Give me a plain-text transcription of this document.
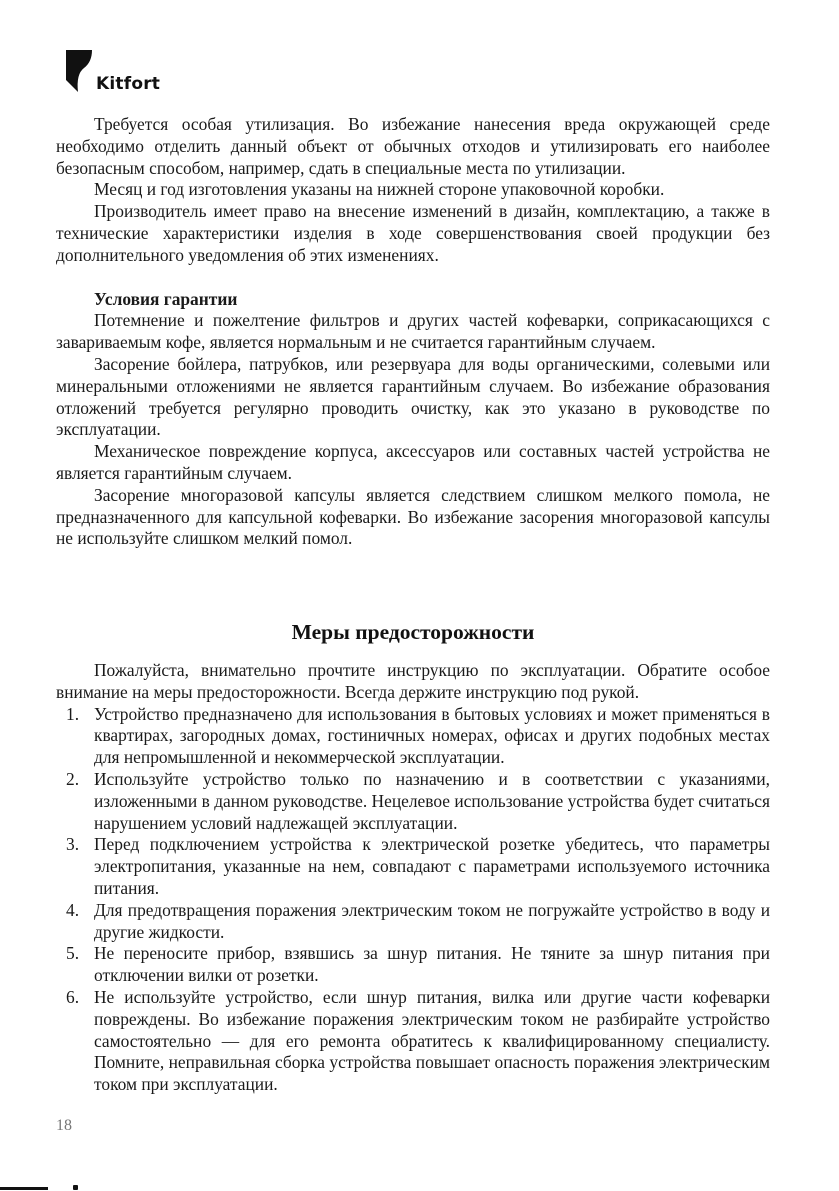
Kitfort

Требуется особая утилизация. Во избежание нанесения вреда окружающей среде необходимо отделить данный объект от обычных отходов и утилизировать его наиболее безопасным способом, например, сдать в специальные места по утилизации.

Месяц и год изготовления указаны на нижней стороне упаковочной коробки.

Производитель имеет право на внесение изменений в дизайн, комплектацию, а также в технические характеристики изделия в ходе совершенствования своей продукции без дополнительного уведомления об этих изменениях.

Условия гарантии

Потемнение и пожелтение фильтров и других частей кофеварки, соприкасающихся с завариваемым кофе, является нормальным и не считается гарантийным случаем.

Засорение бойлера, патрубков, или резервуара для воды органическими, солевыми или минеральными отложениями не является гарантийным случаем. Во избежание образования отложений требуется регулярно проводить очистку, как это указано в руководстве по эксплуатации.

Механическое повреждение корпуса, аксессуаров или составных частей устройства не является гарантийным случаем.

Засорение многоразовой капсулы является следствием слишком мелкого помола, не предназначенного для капсульной кофеварки. Во избежание засорения многоразовой капсулы не используйте слишком мелкий помол.

Меры предосторожности

Пожалуйста, внимательно прочтите инструкцию по эксплуатации. Обратите особое внимание на меры предосторожности. Всегда держите инструкцию под рукой.

1. Устройство предназначено для использования в бытовых условиях и может применяться в квартирах, загородных домах, гостиничных номерах, офисах и других подобных местах для непромышленной и некоммерческой эксплуатации.
2. Используйте устройство только по назначению и в соответствии с указаниями, изложенными в данном руководстве. Нецелевое использование устройства будет считаться нарушением условий надлежащей эксплуатации.
3. Перед подключением устройства к электрической розетке убедитесь, что параметры электропитания, указанные на нем, совпадают с параметрами используемого источника питания.
4. Для предотвращения поражения электрическим током не погружайте устройство в воду и другие жидкости.
5. Не переносите прибор, взявшись за шнур питания. Не тяните за шнур питания при отключении вилки от розетки.
6. Не используйте устройство, если шнур питания, вилка или другие части кофеварки повреждены. Во избежание поражения электрическим током не разбирайте устройство самостоятельно — для его ремонта обратитесь к квалифицированному специалисту. Помните, неправильная сборка устройства повышает опасность поражения электрическим током при эксплуатации.
18
